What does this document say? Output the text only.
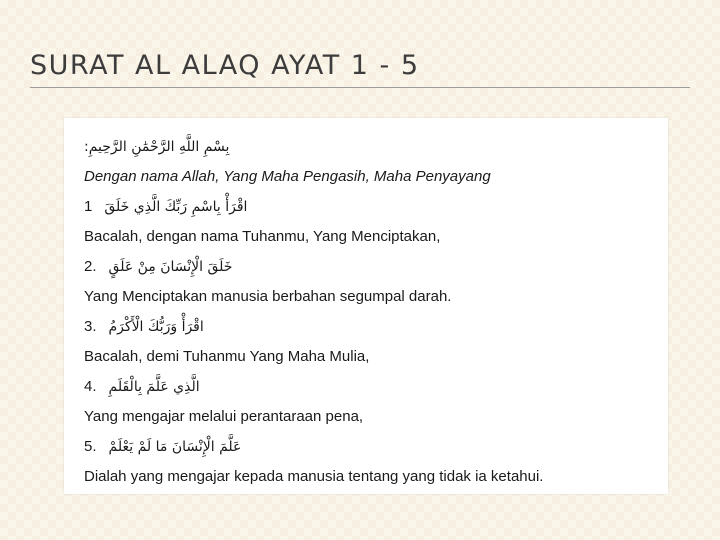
SURAT AL ALAQ AYAT 1 - 5
بِسْمِ اللَّهِ الرَّحْمَٰنِ الرَّحِيمِ:
Dengan nama Allah, Yang Maha Pengasih, Maha Penyayang
1 اقْرَأْ بِاسْمِ رَبِّكَ الَّذِي خَلَقَ
Bacalah, dengan nama Tuhanmu, Yang Menciptakan,
2. خَلَقَ الْإِنْسَانَ مِنْ عَلَقٍ
Yang Menciptakan manusia berbahan segumpal darah.
3. اقْرَأْ وَرَبُّكَ الْأَكْرَمُ
Bacalah, demi Tuhanmu Yang Maha Mulia,
4. الَّذِي عَلَّمَ بِالْقَلَمِ
Yang mengajar melalui perantaraan pena,
5. عَلَّمَ الْإِنْسَانَ مَا لَمْ يَعْلَمْ
Dialah yang mengajar kepada manusia tentang yang tidak ia ketahui.
